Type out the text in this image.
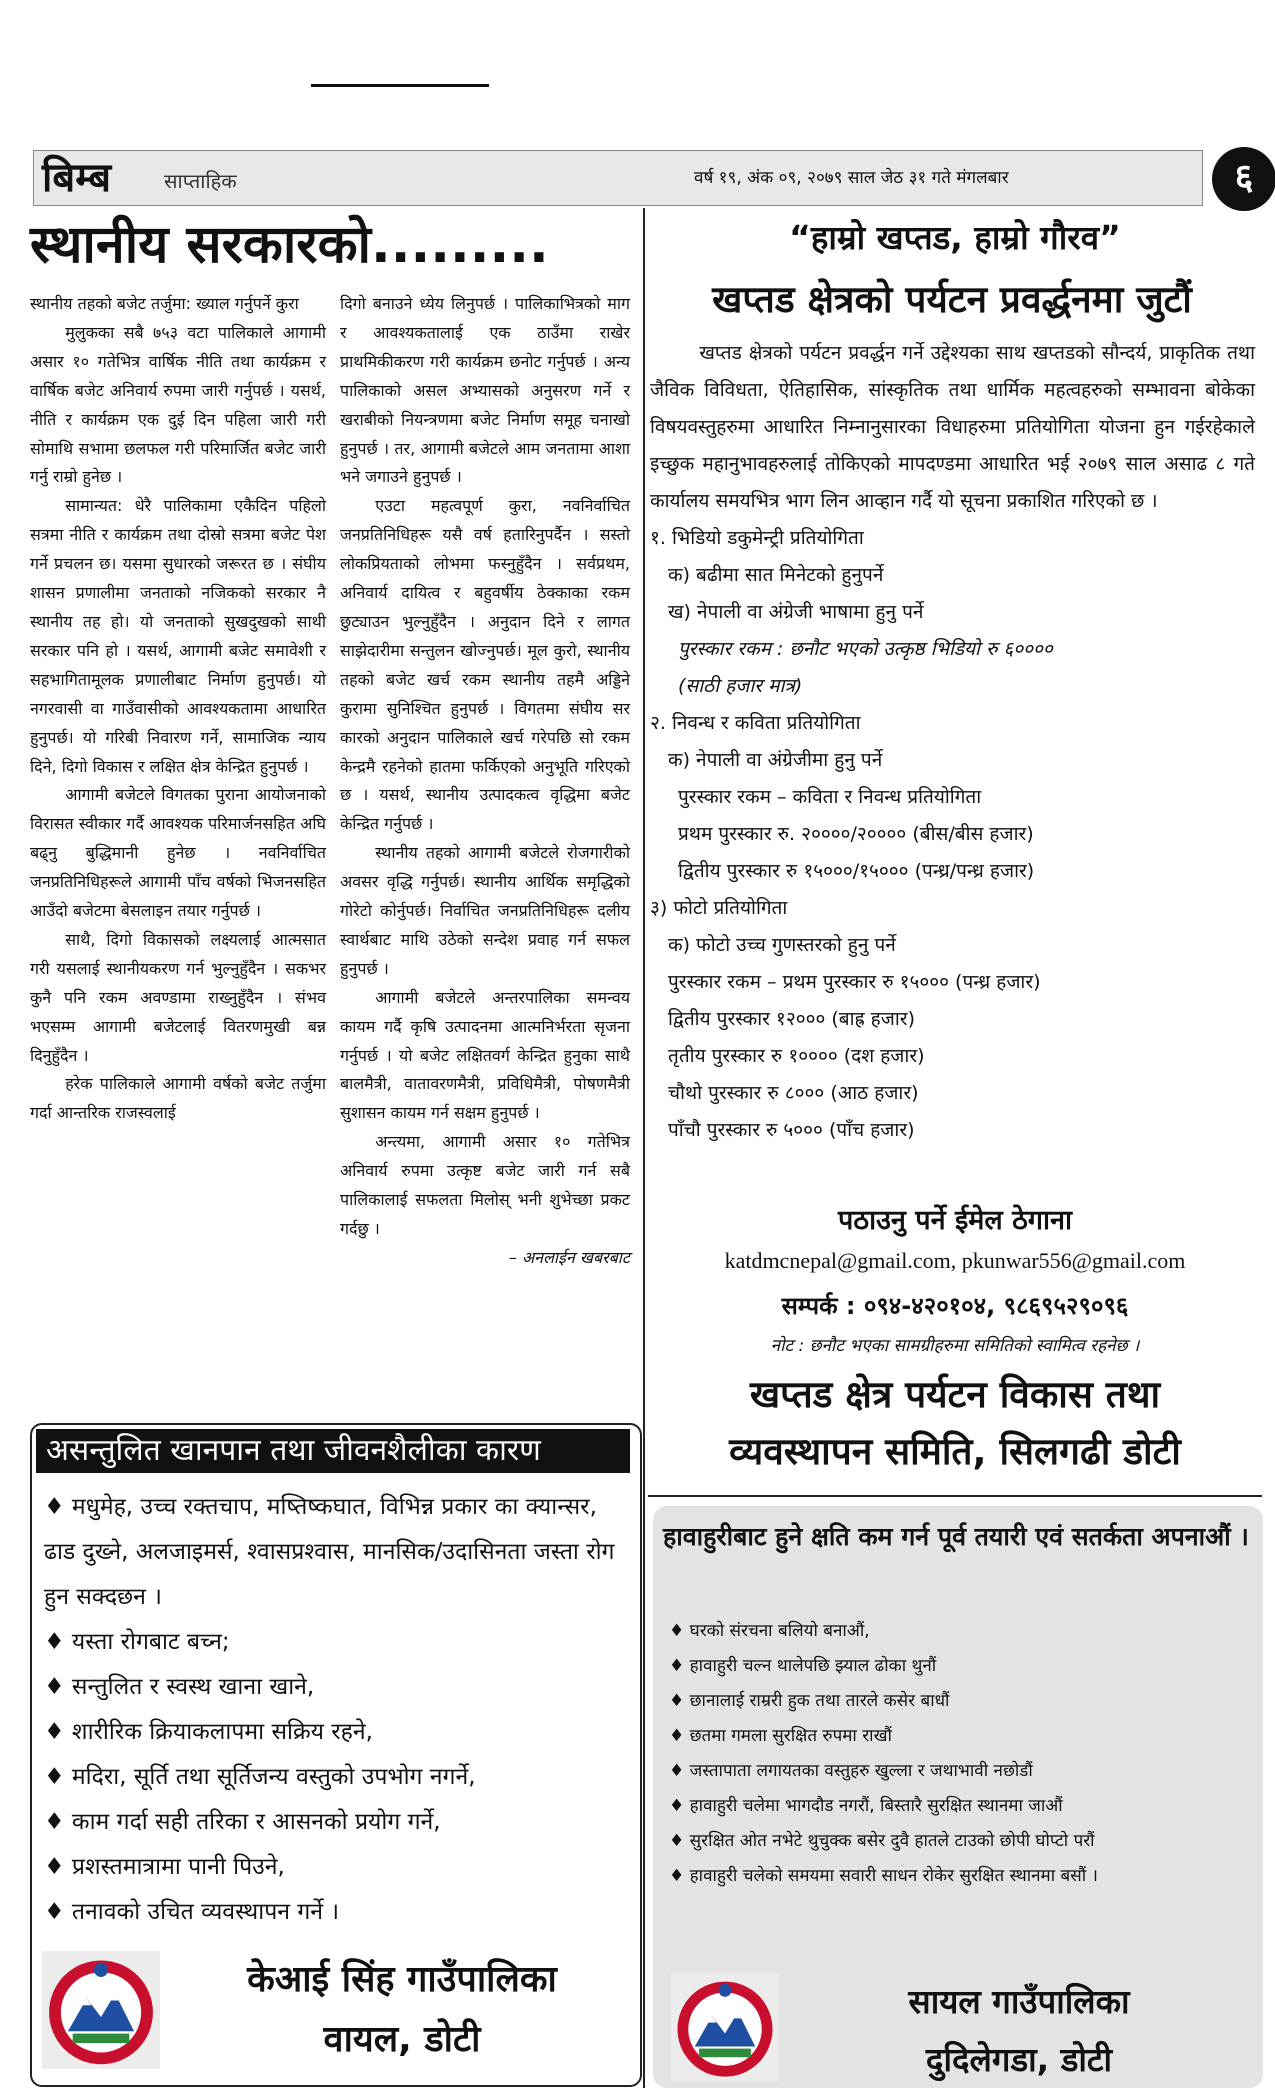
बिम्ब	साप्ताहिक	वर्ष १९, अंक ०९, २०७९ साल जेठ ३१ गते मंगलबार	६
स्थानीय सरकारको.........

स्थानीय तहको बजेट तर्जुमा: ख्याल गर्नुपर्ने कुरा

मुलुकका सबै ७५३ वटा पालिकाले आगामी असार १० गतेभित्र वार्षिक नीति तथा कार्यक्रम र वार्षिक बजेट अनिवार्य रुपमा जारी गर्नुपर्छ । यसर्थ, नीति र कार्यक्रम एक दुई दिन पहिला जारी गरी सोमाथि सभामा छलफल गरी परिमार्जित बजेट जारी गर्नु राम्रो हुनेछ ।

सामान्यत: धेरै पालिकामा एकैदिन पहिलो सत्रमा नीति र कार्यक्रम तथा दोस्रो सत्रमा बजेट पेश गर्ने प्रचलन छ। यसमा सुधारको जरूरत छ । संघीय शासन प्रणालीमा जनताको नजिकको सरकार नै स्थानीय तह हो। यो जनताको सुखदुखको साथी सरकार पनि हो । यसर्थ, आगामी बजेट समावेशी र सहभागितामूलक प्रणालीबाट निर्माण हुनुपर्छ। यो नगरवासी वा गाउँवासीको आवश्यकतामा आधारित हुनुपर्छ। यो गरिबी निवारण गर्ने, सामाजिक न्याय दिने, दिगो विकास र लक्षित क्षेत्र केन्द्रित हुनुपर्छ ।

आगामी बजेटले विगतका पुराना आयोजनाको विरासत स्वीकार गर्दै आवश्यक परिमार्जनसहित अघि बढ्नु बुद्धिमानी हुनेछ । नवनिर्वाचित जनप्रतिनिधिहरूले आगामी पाँच वर्षको भिजनसहित आउँदो बजेटमा बेसलाइन तयार गर्नुपर्छ ।

साथै, दिगो विकासको लक्ष्यलाई आत्मसात गरी यसलाई स्थानीयकरण गर्न भुल्नुहुँदैन । सकभर कुनै पनि रकम अवण्डामा राख्नुहुँदैन । संभव भएसम्म आगामी बजेटलाई वितरणमुखी बन्न दिनुहुँदैन ।

हरेक पालिकाले आगामी वर्षको बजेट तर्जुमा गर्दा आन्तरिक राजस्वलाई

दिगो बनाउने ध्येय लिनुपर्छ । पालिकाभित्रको माग र आवश्यकतालाई एक ठाउँमा राखेर प्राथमिकीकरण गरी कार्यक्रम छनोट गर्नुपर्छ । अन्य पालिकाको असल अभ्यासको अनुसरण गर्ने र खराबीको नियन्त्रणमा बजेट निर्माण समूह चनाखो हुनुपर्छ । तर, आगामी बजेटले आम जनतामा आशा भने जगाउने हुनुपर्छ ।

एउटा महत्वपूर्ण कुरा, नवनिर्वाचित जनप्रतिनिधिहरू यसै वर्ष हतारिनुपर्दैन । सस्तो लोकप्रियताको लोभमा फस्नुहुँदैन । सर्वप्रथम, अनिवार्य दायित्व र बहुवर्षीय ठेक्काका रकम छुट्याउन भुल्नुहुँदैन । अनुदान दिने र लागत साझेदारीमा सन्तुलन खोज्नुपर्छ। मूल कुरो, स्थानीय तहको बजेट खर्च रकम स्थानीय तहमै अड्डिने कुरामा सुनिश्चित हुनुपर्छ । विगतमा संघीय सर कारको अनुदान पालिकाले खर्च गरेपछि सो रकम केन्द्रमै रहनेको हातमा फर्किएको अनुभूति गरिएको छ । यसर्थ, स्थानीय उत्पादकत्व वृद्धिमा बजेट केन्द्रित गर्नुपर्छ ।

स्थानीय तहको आगामी बजेटले रोजगारीको अवसर वृद्धि गर्नुपर्छ। स्थानीय आर्थिक समृद्धिको गोरेटो कोर्नुपर्छ। निर्वाचित जनप्रतिनिधिहरू दलीय स्वार्थबाट माथि उठेको सन्देश प्रवाह गर्न सफल हुनुपर्छ ।

आगामी बजेटले अन्तरपालिका समन्वय कायम गर्दै कृषि उत्पादनमा आत्मनिर्भरता सृजना गर्नुपर्छ । यो बजेट लक्षितवर्ग केन्द्रित हुनुका साथै बालमैत्री, वातावरणमैत्री, प्रविधिमैत्री, पोषणमैत्री सुशासन कायम गर्न सक्षम हुनुपर्छ ।

अन्त्यमा, आगामी असार १० गतेभित्र अनिवार्य रुपमा उत्कृष्ट बजेट जारी गर्न सबै पालिकालाई सफलता मिलोस् भनी शुभेच्छा प्रकट गर्दछु ।

– अनलाईन खबरबाट

असन्तुलित खानपान तथा जीवनशैलीका कारण
♦ मधुमेह, उच्च रक्तचाप, मष्तिष्कघात, विभिन्न प्रकार का क्यान्सर, ढाड दुख्ने, अलजाइमर्स, श्वासप्रश्वास, मानसिक/उदासिनता जस्ता रोग हुन सक्दछन ।
♦ यस्ता रोगबाट बच्न;
♦ सन्तुलित र स्वस्थ खाना खाने,
♦ शारीरिक क्रियाकलापमा सक्रिय रहने,
♦ मदिरा, सूर्ति तथा सूर्तिजन्य वस्तुको उपभोग नगर्ने,
♦ काम गर्दा सही तरिका र आसनको प्रयोग गर्ने,
♦ प्रशस्तमात्रामा पानी पिउने,
♦ तनावको उचित व्यवस्थापन गर्ने ।
केआई सिंह गाउँपालिका
वायल, डोटी
“हाम्रो खप्तड, हाम्रो गौरव”
खप्तड क्षेत्रको पर्यटन प्रवर्द्धनमा जुटौं

खप्तड क्षेत्रको पर्यटन प्रवर्द्धन गर्ने उद्देश्यका साथ खप्तडको सौन्दर्य, प्राकृतिक तथा जैविक विविधता, ऐतिहासिक, सांस्कृतिक तथा धार्मिक महत्वहरुको सम्भावना बोकेका विषयवस्तुहरुमा आधारित निम्नानुसारका विधाहरुमा प्रतियोगिता योजना हुन गईरहेकाले इच्छुक महानुभावहरुलाई तोकिएको मापदण्डमा आधारित भई २०७९ साल असाढ ८ गते कार्यालय समयभित्र भाग लिन आव्हान गर्दै यो सूचना प्रकाशित गरिएको छ ।

१. भिडियो डकुमेन्ट्री प्रतियोगिता

क) बढीमा सात मिनेटको हुनुपर्ने

ख) नेपाली वा अंग्रेजी भाषामा हुनु पर्ने

पुरस्कार रकम : छनौट भएको उत्कृष्ठ भिडियो रु ६००००

(साठी हजार मात्र)

२. निवन्ध र कविता प्रतियोगिता

क) नेपाली वा अंग्रेजीमा हुनु पर्ने

पुरस्कार रकम – कविता र निवन्ध प्रतियोगिता

प्रथम पुरस्कार रु. २००००/२०००० (बीस/बीस हजार)

द्वितीय पुरस्कार रु १५०००/१५००० (पन्ध्र/पन्ध्र हजार)

३) फोटो प्रतियोगिता

क) फोटो उच्च गुणस्तरको हुनु पर्ने

पुरस्कार रकम – प्रथम पुरस्कार रु १५००० (पन्ध्र हजार)

द्वितीय पुरस्कार १२००० (बाह्र हजार)

तृतीय पुरस्कार रु १०००० (दश हजार)

चौथो पुरस्कार रु ८००० (आठ हजार)

पाँचौ पुरस्कार रु ५००० (पाँच हजार)

पठाउनु पर्ने ईमेल ठेगाना
katdmcnepal@gmail.com, pkunwar556@gmail.com
सम्पर्क : ०९४-४२०१०४, ९८६९५२९०९६
नोट : छनौट भएका सामग्रीहरुमा समितिको स्वामित्व रहनेछ ।
खप्तड क्षेत्र पर्यटन विकास तथा
व्यवस्थापन समिति, सिलगढी डोटी
हावाहुरीबाट हुने क्षति कम गर्न पूर्व तयारी एवं सतर्कता अपनाऔं ।
♦ घरको संरचना बलियो बनाऔं,
♦ हावाहुरी चल्न थालेपछि झ्याल ढोका थुनौं
♦ छानालाई राम्ररी हुक तथा तारले कसेर बाधौं
♦ छतमा गमला सुरक्षित रुपमा राखौं
♦ जस्तापाता लगायतका वस्तुहरु खुल्ला र जथाभावी नछोडौं
♦ हावाहुरी चलेमा भागदौड नगरौं, बिस्तारै सुरक्षित स्थानमा जाऔं
♦ सुरक्षित ओत नभेटे थुचुक्क बसेर दुवै हातले टाउको छोपी घोप्टो परौं
♦ हावाहुरी चलेको समयमा सवारी साधन रोकेर सुरक्षित स्थानमा बसौं ।
सायल गाउँपालिका
दुदिलेगडा, डोटी
